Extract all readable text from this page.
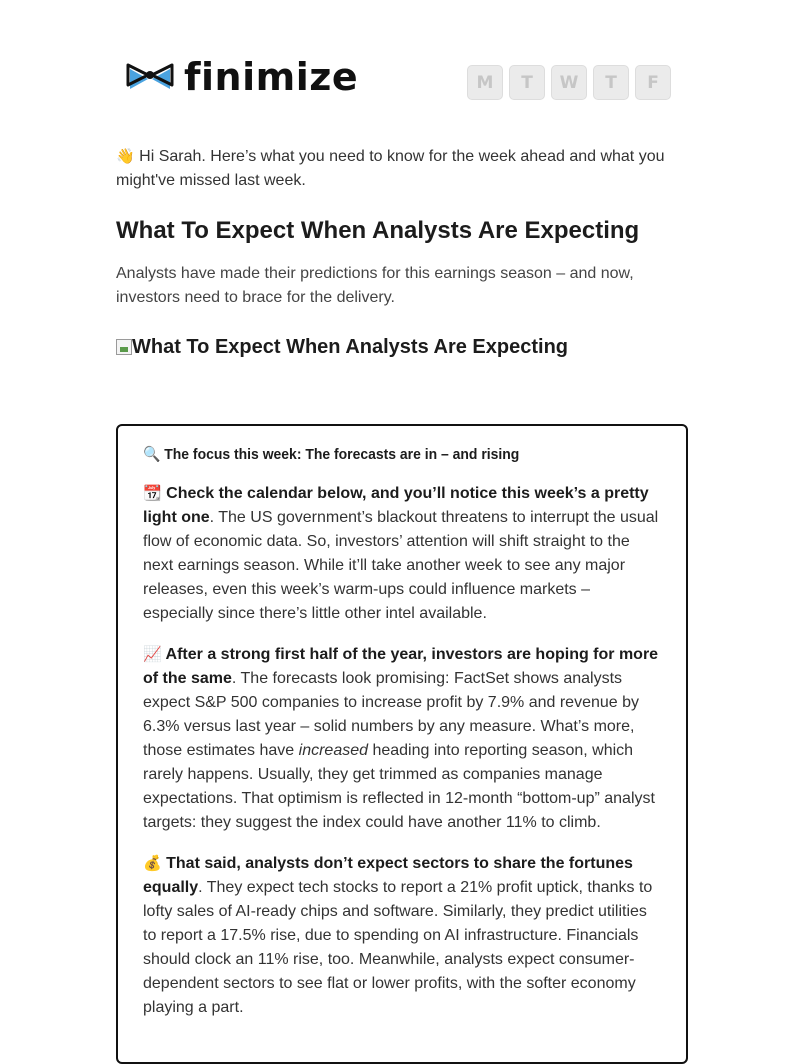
finimize	M	T	W	T	F

👋 Hi Sarah. Here’s what you need to know for the week ahead and what you might've missed last week.

What To Expect When Analysts Are Expecting

Analysts have made their predictions for this earnings season – and now, investors need to brace for the delivery.

What To Expect When Analysts Are Expecting

🔍 The focus this week: The forecasts are in – and rising

📆 Check the calendar below, and you’ll notice this week’s a pretty light one. The US government’s blackout threatens to interrupt the usual flow of economic data. So, investors’ attention will shift straight to the next earnings season. While it’ll take another week to see any major releases, even this week’s warm-ups could influence markets – especially since there’s little other intel available.

📈 After a strong first half of the year, investors are hoping for more of the same. The forecasts look promising: FactSet shows analysts expect S&P 500 companies to increase profit by 7.9% and revenue by 6.3% versus last year – solid numbers by any measure. What’s more, those estimates have increased heading into reporting season, which rarely happens. Usually, they get trimmed as companies manage expectations. That optimism is reflected in 12-month “bottom-up” analyst targets: they suggest the index could have another 11% to climb.

💰 That said, analysts don’t expect sectors to share the fortunes equally. They expect tech stocks to report a 21% profit uptick, thanks to lofty sales of AI-ready chips and software. Similarly, they predict utilities to report a 17.5% rise, due to spending on AI infrastructure. Financials should clock an 11% rise, too. Meanwhile, analysts expect consumer-dependent sectors to see flat or lower profits, with the softer economy playing a part.
